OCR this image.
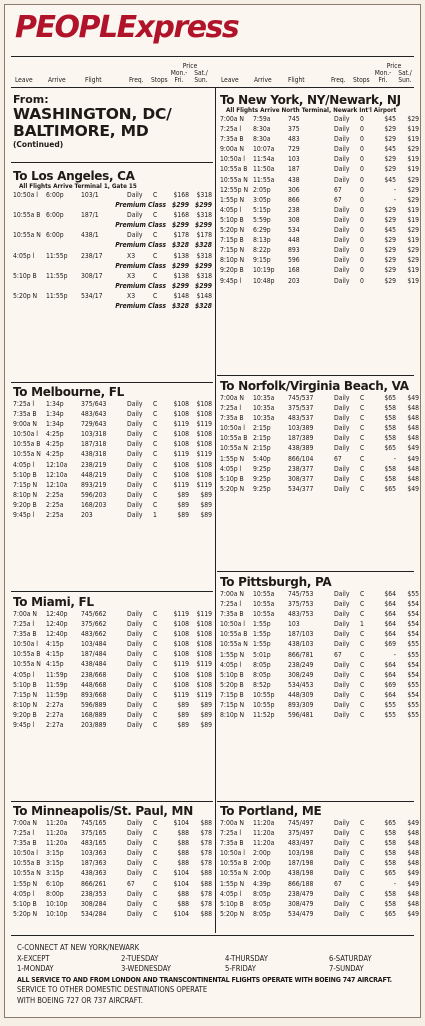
PEOPLExpress
Leave Arrive	Flight	Freq. Stops
Price
Mon.-
Fri.
Sat./
Sun.	Leave Arrive Flight	Freq. Stops
Price
Mon.-
Fri.
Sat./
Sun.
From:
WASHINGTON, DC/
BALTIMORE, MD
(Continued)
To Los Angeles, CA
All Flights Arrive Terminal 1, Gate 15
10:50a l 6:00p	103/1	Daily C $168 $318
Premium Class $299 $299
10:55a B 6:00p	187/1	Daily C $168 $318
Premium Class $299 $299
10:55a N 6:00p	438/1	Daily C $178 $178
Premium Class $328 $328
4:05p l 11:55p 238/17	X3	C $138 $318
Premium Class $299 $299
5:10p B 11:55p 308/17	X3	C $138 $318
Premium Class $299 $299
5:20p N 11:55p 534/17	X3	C $148 $148
Premium Class $328 $328
To Melbourne, FL
7:25a l 1:34p	375/643	Daily C $108 $108
7:35a B 1:34p	483/643	Daily C $108 $108
9:00a N 1:34p	729/643	Daily C $119 $119
10:50a l 4:25p	103/318	Daily C $108 $108
10:55a B 4:25p	187/318	Daily C $108 $108
10:55a N 4:25p	438/318	Daily C $119 $119
4:05p l 12:10a 238/219	Daily C $108 $108
5:10p B 12:10a 448/219	Daily C $108 $108
7:15p N 12:10a 893/219	Daily C $119 $119
8:10p N 2:25a	596/203	Daily C	$89 $89
9:20p B 2:25a	168/203	Daily C	$89 $89
9:45p l 2:25a	203	Daily 1	$89 $89
To Miami, FL
7:00a N 12:40p 745/662	Daily C $119 $119
7:25a l 12:40p 375/662	Daily C $108 $108
7:35a B 12:40p 483/662	Daily C $108 $108
10:50a l 4:15p	103/484	Daily C $108 $108
10:55a B 4:15p	187/484	Daily C $108 $108
10:55a N 4:15p	438/484	Daily C $119 $119
4:05p l 11:59p 238/668	Daily C $108 $108
5:10p B 11:59p 448/668	Daily C $108 $108
7:15p N 11:59p 893/668	Daily C $119 $119
8:10p N 2:27a	596/889	Daily C	$89 $89
9:20p B 2:27a	168/889	Daily C	$89 $89
9:45p l 2:27a	203/889	Daily C	$89 $89
To Minneapolis/St. Paul, MN
7:00a N 11:20a 745/165	Daily C $104 $88
7:25a l 11:20a 375/165	Daily C	$88 $78
7:35a B 11:20a 483/165	Daily C	$88 $78
10:50a l 3:15p	103/363	Daily C	$88 $78
10:55a B 3:15p	187/363	Daily C	$88 $78
10:55a N 3:15p	438/363	Daily C $104 $88
1:55p N 6:10p	866/261	67	C $104 $88
4:05p l 8:00p	238/353	Daily C	$88 $78
5:10p B 10:10p 308/284	Daily C	$88 $78
5:20p N 10:10p 534/284	Daily C $104 $88
To New York, NY/Newark, NJ
All Flights Arrive North Terminal, Newark Int'l Airport
7:00a N 7:59a	745	Daily 0	$45 $29
7:25a l 8:30a	375	Daily 0	$29 $19
7:35a B 8:30a	483	Daily 0	$29 $19
9:00a N 10:07a 729	Daily 0	$45 $29
10:50a l 11:54a 103	Daily 0	$29 $19
10:55a B 11:50a 187	Daily 0	$29 $19
10:55a N 11:55a 438	Daily 0	$45 $29
12:55p N 2:05p	306	67	0	- $29
1:55p N 3:05p	866	67	0	- $29
4:05p l 5:15p	238	Daily 0	$29 $19
5:10p B 5:59p	308	Daily 0	$29 $19
5:20p N 6:29p	534	Daily 0	$45 $29
7:15p B 8:13p	448	Daily 0	$29 $19
7:15p N 8:22p	893	Daily 0	$29 $29
8:10p N 9:15p	596	Daily 0	$29 $29
9:20p B 10:19p 168	Daily 0	$29 $19
9:45p l 10:48p 203	Daily 0	$29 $19
To Norfolk/Virginia Beach, VA
7:00a N 10:35a 745/537	Daily C	$65 $49
7:25a l 10:35a 375/537	Daily C	$58 $48
7:35a B 10:35a 483/537	Daily C	$58 $48
10:50a l 2:15p	103/389	Daily C	$58 $48
10:55a B 2:15p	187/389	Daily C	$58 $48
10:55a N 2:15p	438/389	Daily C	$65 $49
1:55p N 5:40p	866/104	67	C	- $49
4:05p l 9:25p	238/377	Daily C	$58 $48
5:10p B 9:25p	308/377	Daily C	$58 $48
5:20p N 9:25p	534/377	Daily C	$65 $49
To Pittsburgh, PA
7:00a N 10:55a 745/753	Daily C	$64 $55
7:25a l 10:55a 375/753	Daily C	$64 $54
7:35a B 10:55a 483/753	Daily C	$64 $54
10:50a l 1:55p	103	Daily 1	$64 $54
10:55a B 1:55p	187/103	Daily C	$64 $54
10:55a N 1:55p	438/103	Daily C	$69 $55
1:55p N 5:01p	866/781	67	C	- $55
4:05p l 8:05p	238/249	Daily C	$64 $54
5:10p B 8:05p	308/249	Daily C	$64 $54
5:20p B 8:52p	534/453	Daily C	$69 $55
7:15p B 10:55p 448/309	Daily C	$64 $54
7:15p N 10:55p 893/309	Daily C	$55 $55
8:10p N 11:52p 596/481	Daily C	$55 $55
To Portland, ME
7:00a N 11:20a 745/497	Daily C	$65 $49
7:25a l 11:20a 375/497	Daily C	$58 $48
7:35a B 11:20a 483/497	Daily C	$58 $48
10:50a l 2:00p	103/198	Daily C	$58 $48
10:55a B 2:00p	187/198	Daily C	$58 $48
10:55a N 2:00p	438/198	Daily C	$65 $49
1:55p N 4:39p	866/188	67	C	- $49
4:05p l 8:05p	238/479	Daily C	$58 $48
5:10p B 8:05p	308/479	Daily C	$58 $48
5:20p N 8:05p	534/479	Daily C	$65 $49
C-CONNECT AT NEW YORK/NEWARK
X-EXCEPT	2-TUESDAY	4-THURSDAY	6-SATURDAY
1-MONDAY	3-WEDNESDAY	5-FRIDAY	7-SUNDAY
ALL SERVICE TO AND FROM LONDON AND TRANSCONTINENTAL FLIGHTS OPERATE WITH BOEING 747 AIRCRAFT.
SERVICE TO OTHER DOMESTIC DESTINATIONS OPERATE
WITH BOEING 727 OR 737 AIRCRAFT.
